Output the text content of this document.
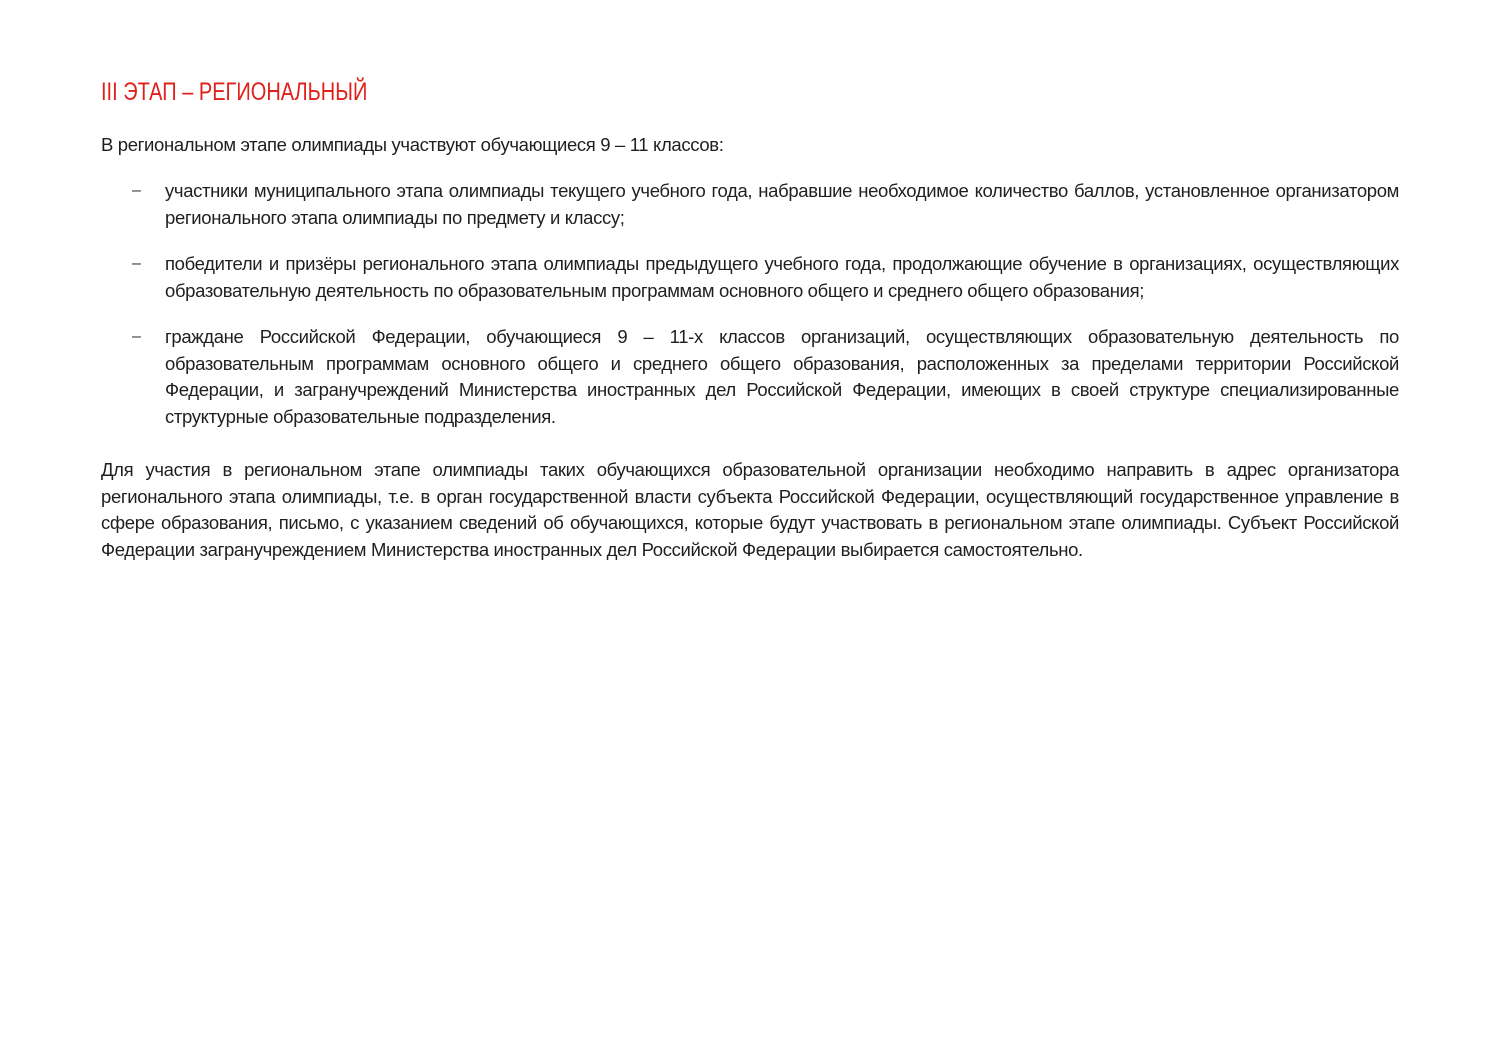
III ЭТАП – РЕГИОНАЛЬНЫЙ

В региональном этапе олимпиады участвуют обучающиеся 9 – 11 классов:

– участники муниципального этапа олимпиады текущего учебного года, набравшие необходимое количество баллов, установленное организатором регионального этапа олимпиады по предмету и классу;
– победители и призёры регионального этапа олимпиады предыдущего учебного года, продолжающие обучение в организациях, осуществляющих образовательную деятельность по образовательным программам основного общего и среднего общего образования;
– граждане Российской Федерации, обучающиеся 9 – 11-х классов организаций, осуществляющих образовательную деятельность по образовательным программам основного общего и среднего общего образования, расположенных за пределами территории Российской Федерации, и загранучреждений Министерства иностранных дел Российской Федерации, имеющих в своей структуре специализированные структурные образовательные подразделения.

Для участия в региональном этапе олимпиады таких обучающихся образовательной организации необходимо направить в адрес организатора регионального этапа олимпиады, т.е. в орган государственной власти субъекта Российской Федерации, осуществляющий государственное управление в сфере образования, письмо, с указанием сведений об обучающихся, которые будут участвовать в региональном этапе олимпиады. Субъект Российской Федерации загранучреждением Министерства иностранных дел Российской Федерации выбирается самостоятельно.
